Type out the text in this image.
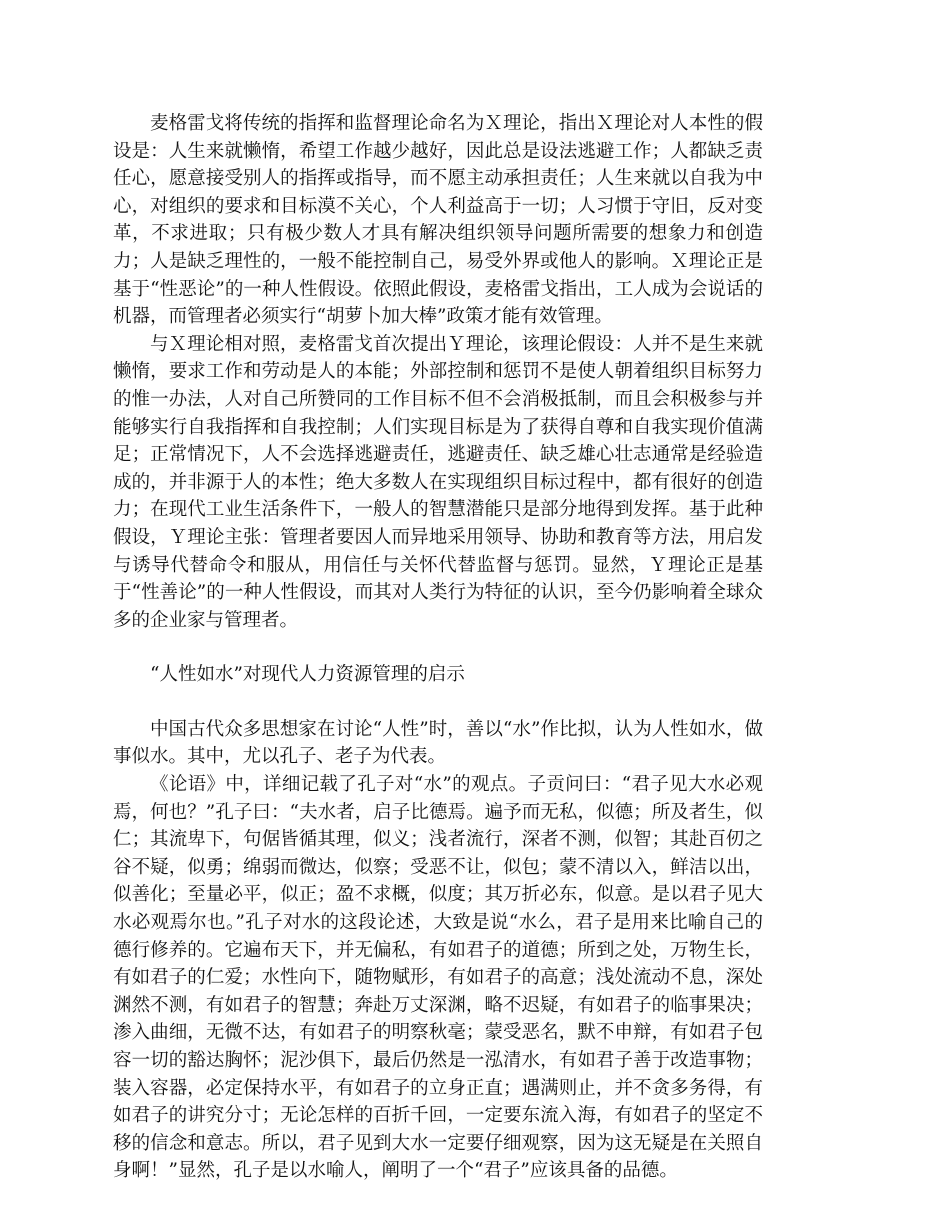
麦格雷戈将传统的指挥和监督理论命名为Ｘ理论，指出Ｘ理论对人本性的假设是：人生来就懒惰，希望工作越少越好，因此总是设法逃避工作；人都缺乏责任心，愿意接受别人的指挥或指导，而不愿主动承担责任；人生来就以自我为中心，对组织的要求和目标漠不关心，个人利益高于一切；人习惯于守旧，反对变革，不求进取；只有极少数人才具有解决组织领导问题所需要的想象力和创造力；人是缺乏理性的，一般不能控制自己，易受外界或他人的影响。Ｘ理论正是基于“性恶论”的一种人性假设。依照此假设，麦格雷戈指出，工人成为会说话的机器，而管理者必须实行“胡萝卜加大棒”政策才能有效管理。

与Ｘ理论相对照，麦格雷戈首次提出Ｙ理论，该理论假设：人并不是生来就懒惰，要求工作和劳动是人的本能；外部控制和惩罚不是使人朝着组织目标努力的惟一办法，人对自己所赞同的工作目标不但不会消极抵制，而且会积极参与并能够实行自我指挥和自我控制；人们实现目标是为了获得自尊和自我实现价值满足；正常情况下，人不会选择逃避责任，逃避责任、缺乏雄心壮志通常是经验造成的，并非源于人的本性；绝大多数人在实现组织目标过程中，都有很好的创造力；在现代工业生活条件下，一般人的智慧潜能只是部分地得到发挥。基于此种假设，Ｙ理论主张：管理者要因人而异地采用领导、协助和教育等方法，用启发与诱导代替命令和服从，用信任与关怀代替监督与惩罚。显然，Ｙ理论正是基于“性善论”的一种人性假设，而其对人类行为特征的认识，至今仍影响着全球众多的企业家与管理者。

“人性如水”对现代人力资源管理的启示

中国古代众多思想家在讨论“人性”时，善以“水”作比拟，认为人性如水，做事似水。其中，尤以孔子、老子为代表。

《论语》中，详细记载了孔子对“水”的观点。子贡问曰：“君子见大水必观焉，何也？”孔子曰：“夫水者，启子比德焉。遍予而无私，似德；所及者生，似仁；其流卑下，句倨皆循其理，似义；浅者流行，深者不测，似智；其赴百仞之谷不疑，似勇；绵弱而微达，似察；受恶不让，似包；蒙不清以入，鲜洁以出，似善化；至量必平，似正；盈不求概，似度；其万折必东，似意。是以君子见大水必观焉尔也。”孔子对水的这段论述，大致是说“水么，君子是用来比喻自己的德行修养的。它遍布天下，并无偏私，有如君子的道德；所到之处，万物生长，有如君子的仁爱；水性向下，随物赋形，有如君子的高意；浅处流动不息，深处渊然不测，有如君子的智慧；奔赴万丈深渊，略不迟疑，有如君子的临事果决；渗入曲细，无微不达，有如君子的明察秋毫；蒙受恶名，默不申辩，有如君子包容一切的豁达胸怀；泥沙俱下，最后仍然是一泓清水，有如君子善于改造事物；装入容器，必定保持水平，有如君子的立身正直；遇满则止，并不贪多务得，有如君子的讲究分寸；无论怎样的百折千回，一定要东流入海，有如君子的坚定不移的信念和意志。所以，君子见到大水一定要仔细观察，因为这无疑是在关照自身啊！”显然，孔子是以水喻人，阐明了一个“君子”应该具备的品德。
